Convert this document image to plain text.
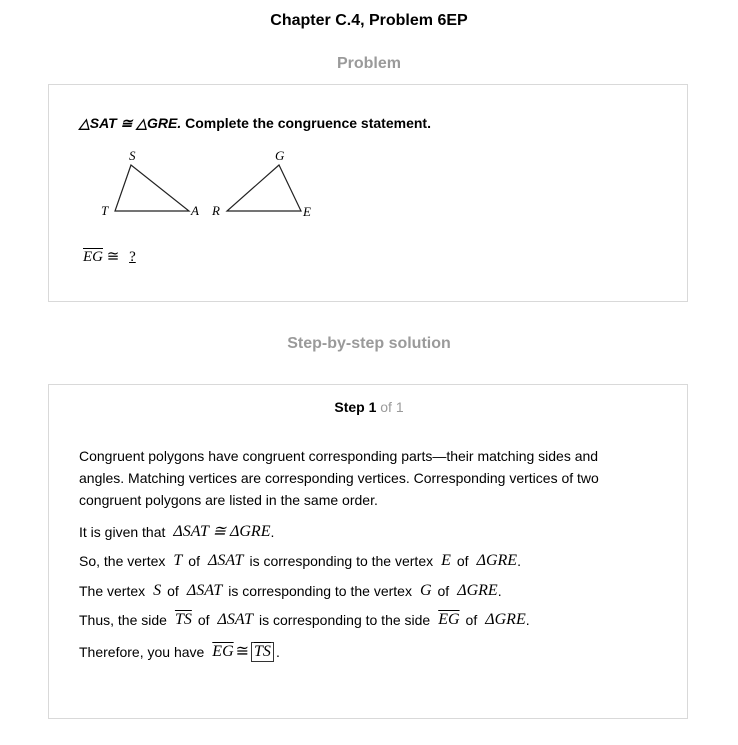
Chapter C.4, Problem 6EP
Problem
△SAT ≅ △GRE. Complete the congruence statement.
S
T	A R
G
E
$\overline{EG}$ ≅ ?
Step-by-step solution
Step 1 of 1

Congruent polygons have congruent corresponding parts—their matching sides and angles. Matching vertices are corresponding vertices. Corresponding vertices of two congruent polygons are listed in the same order.

It is given that ΔSAT ≅ ΔGRE .
So, the vertex T of ΔSAT is corresponding to the vertex E of ΔGRE .
The vertex S of ΔSAT is corresponding to the vertex G of ΔGRE .
Thus, the side $\overline{TS}$ of ΔSAT is corresponding to the side $\overline{EG}$ of ΔGRE .
Therefore, you have $\overline{EG}$ ≅ $\overline{TS}$ .
